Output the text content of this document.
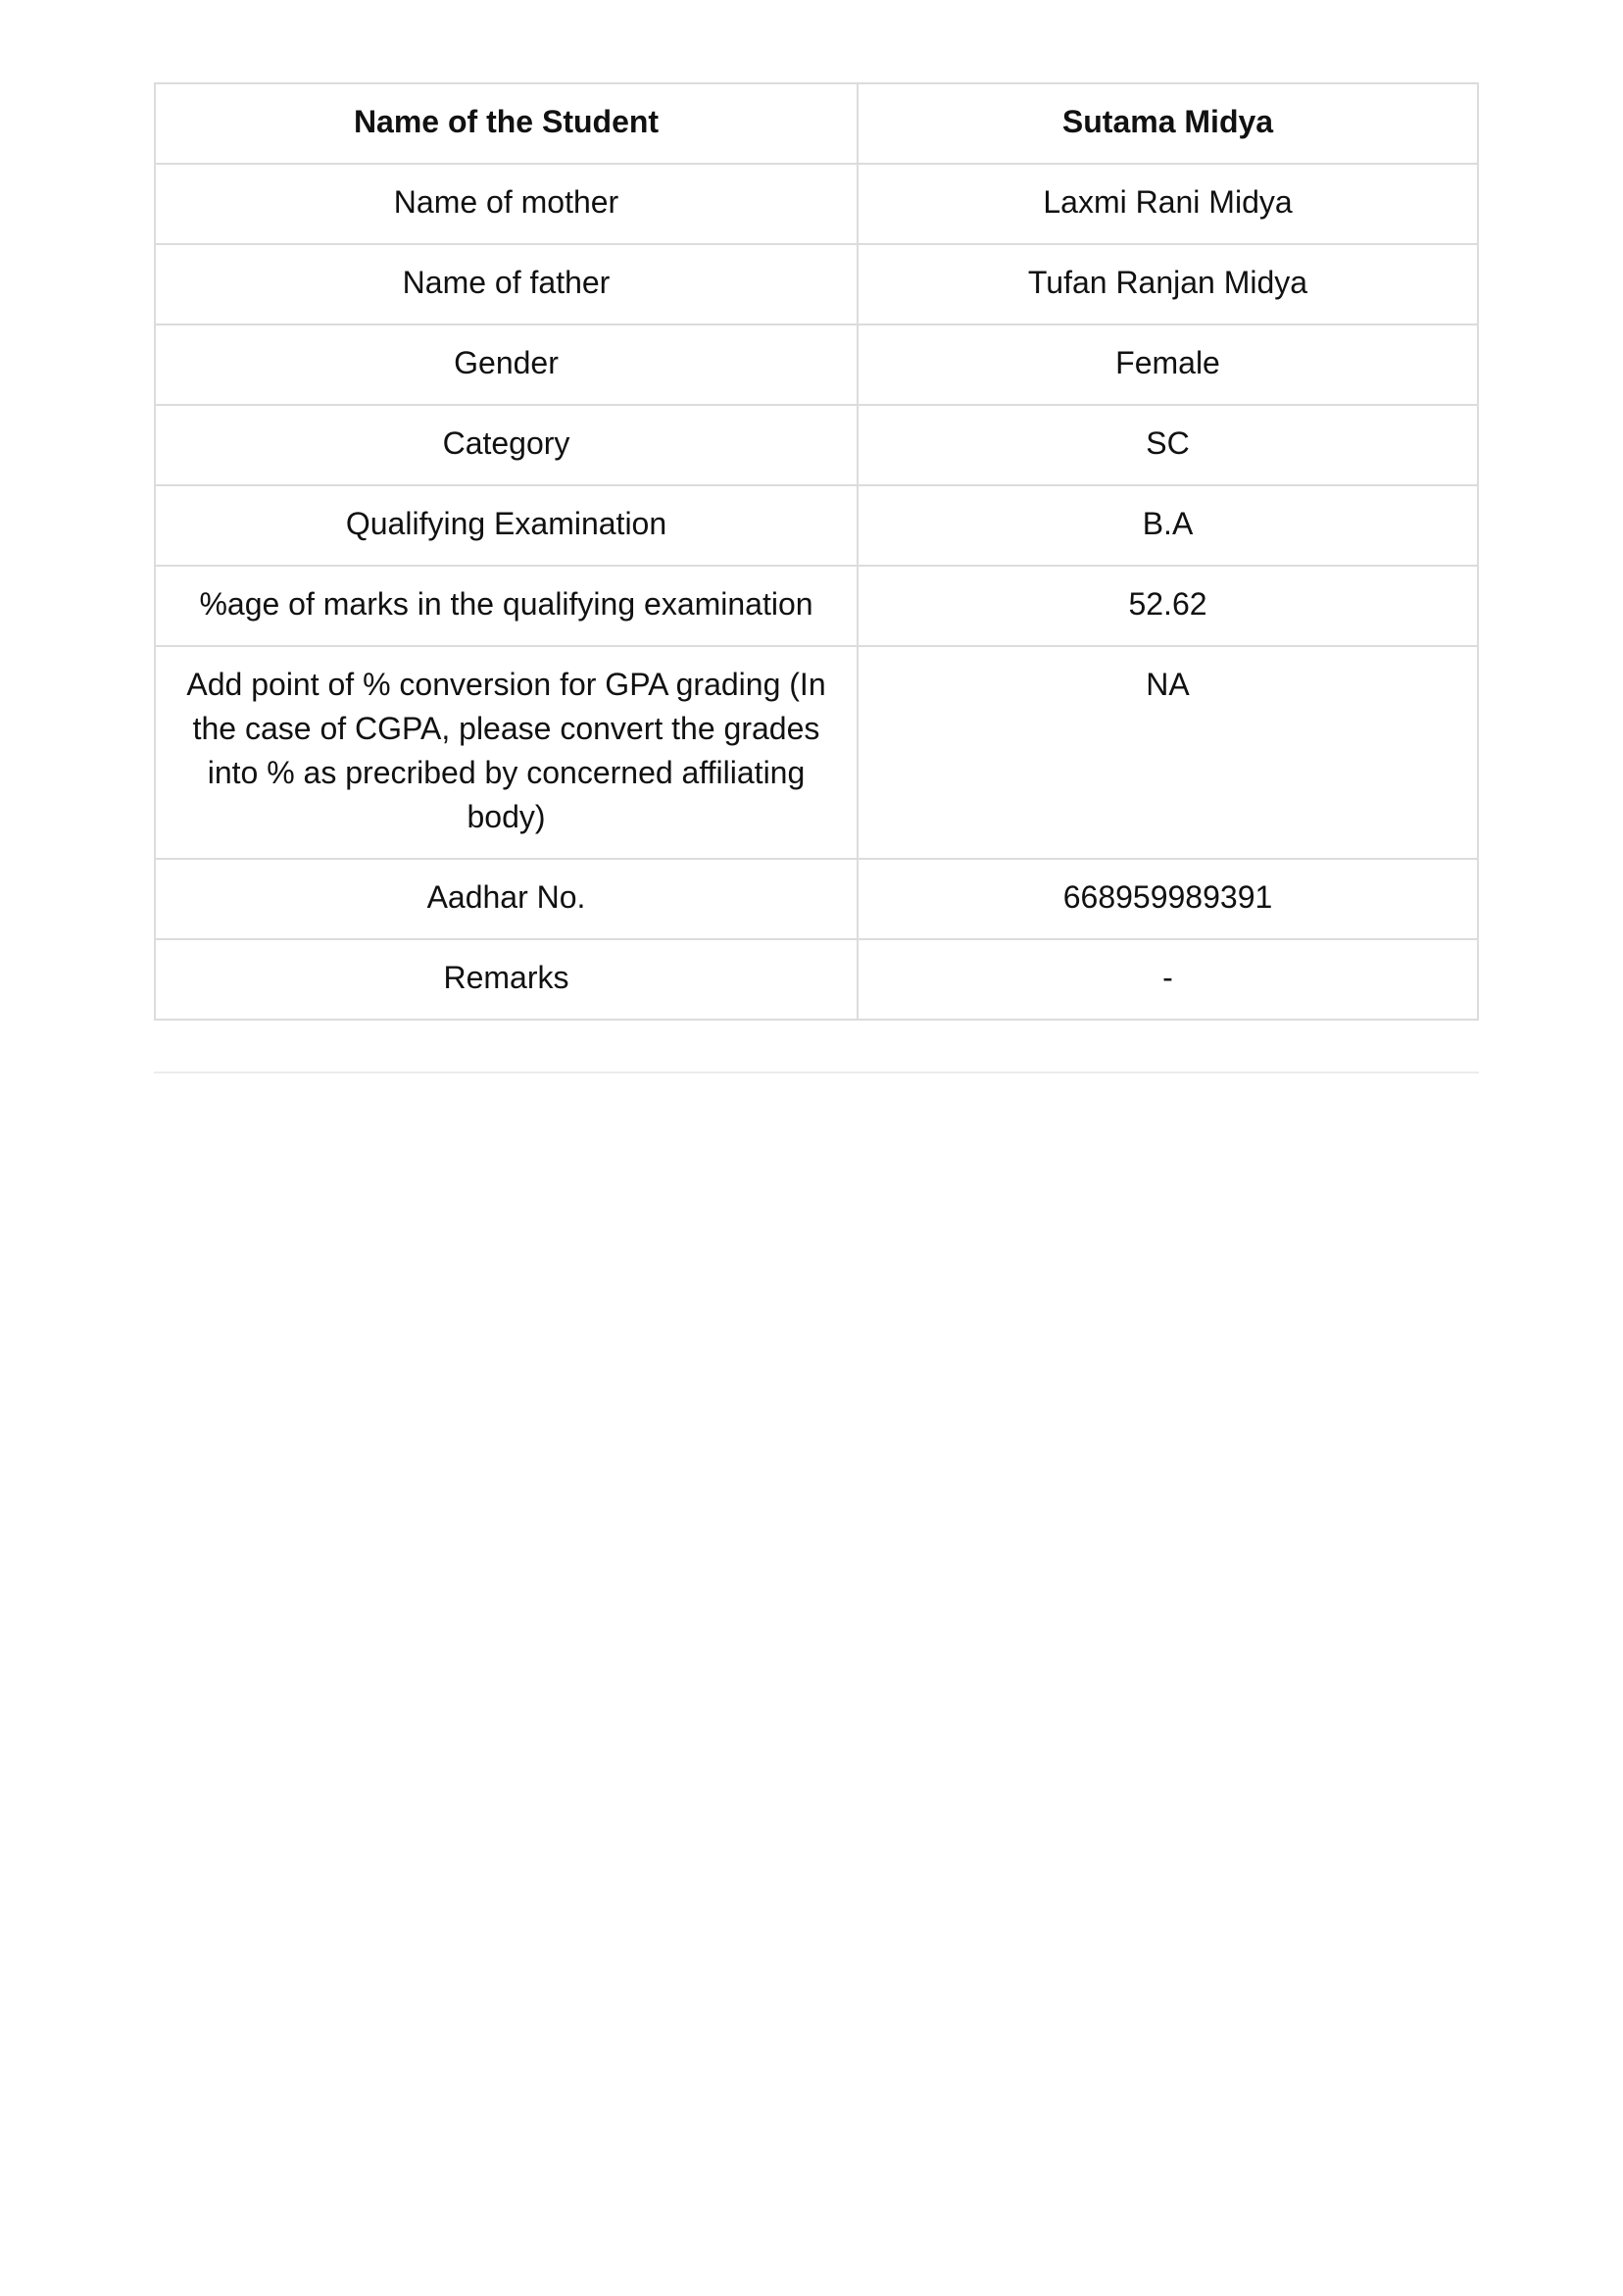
Name of the Student	Sutama Midya
Name of mother	Laxmi Rani Midya
Name of father	Tufan Ranjan Midya
Gender	Female
Category	SC
Qualifying Examination	B.A
%age of marks in the qualifying examination	52.62
Add point of % conversion for GPA grading (In the case of CGPA, please convert the grades into % as precribed by concerned affiliating body)	NA
Aadhar No.	668959989391
Remarks	-
